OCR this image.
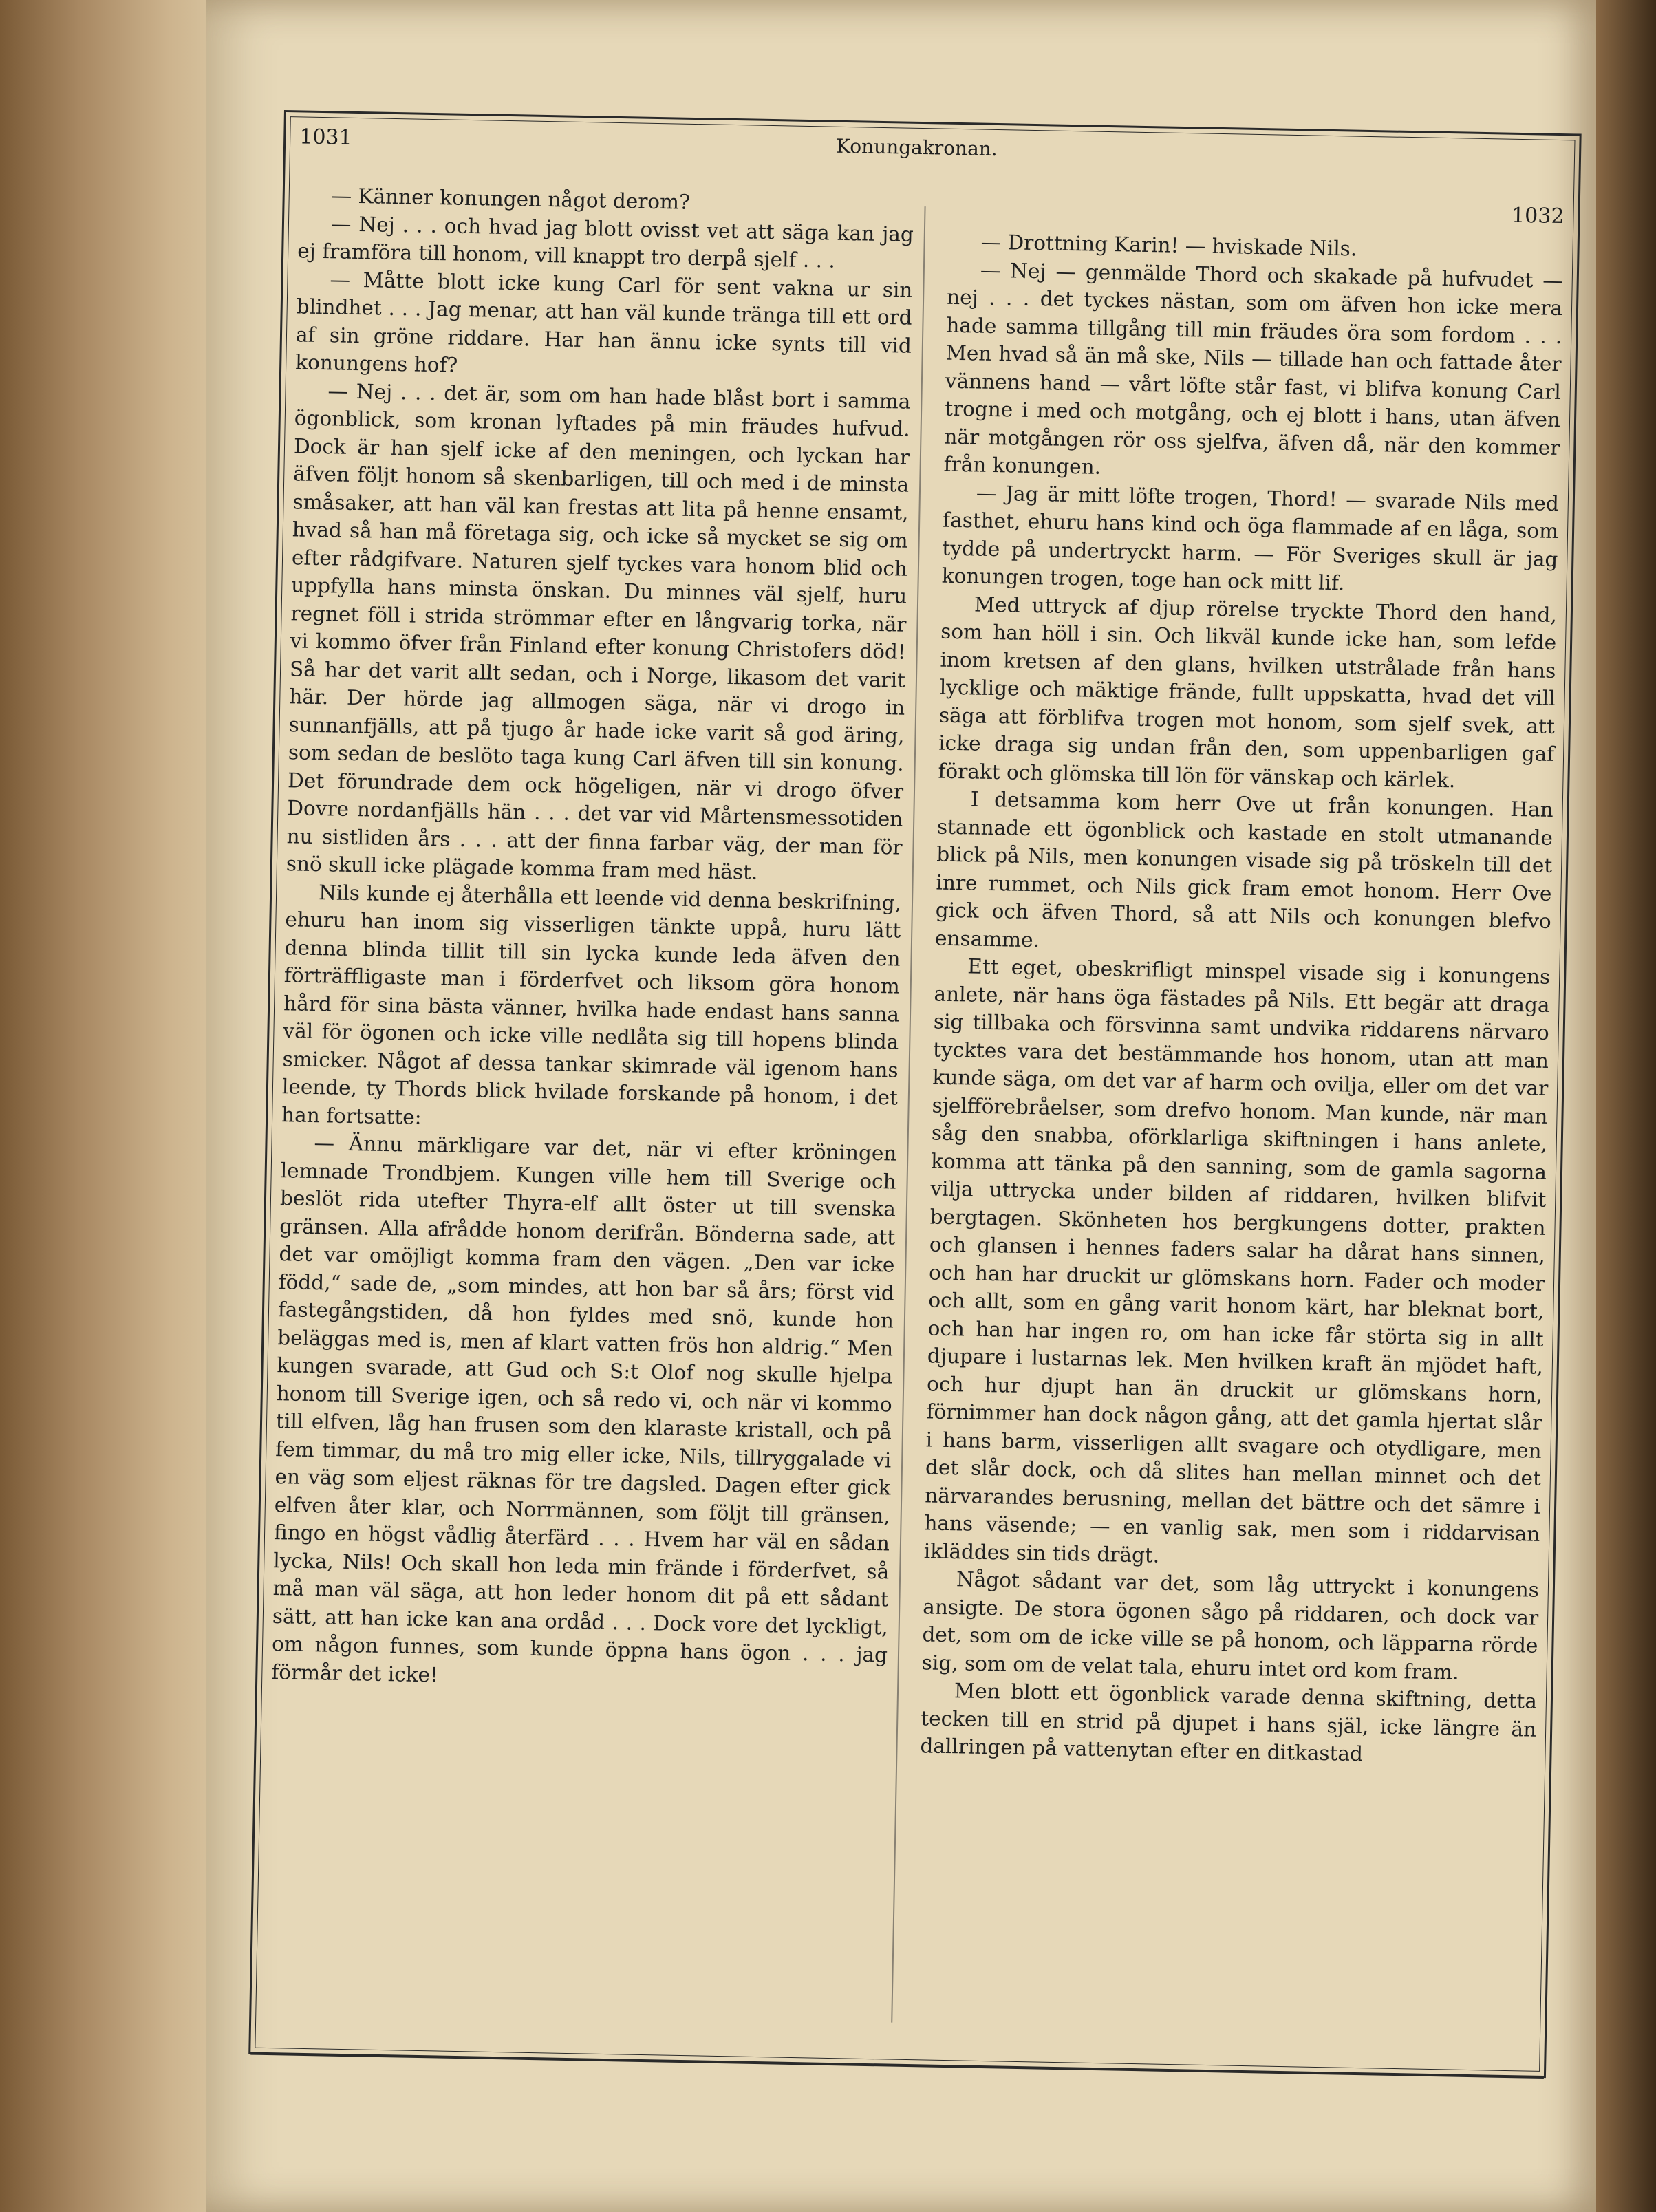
1031	Konungakronan.
1032

— Känner konungen något derom?

— Nej . . . och hvad jag blott ovisst vet att säga kan jag ej framföra till honom, vill knappt tro derpå sjelf . . .

— Måtte blott icke kung Carl för sent vakna ur sin blindhet . . . Jag menar, att han väl kunde tränga till ett ord af sin gröne riddare. Har han ännu icke synts till vid konungens hof?

— Nej . . . det är, som om han hade blåst bort i samma ögonblick, som kronan lyftades på min fräudes hufvud. Dock är han sjelf icke af den meningen, och lyckan har äfven följt honom så skenbarligen, till och med i de minsta småsaker, att han väl kan frestas att lita på henne ensamt, hvad så han må företaga sig, och icke så mycket se sig om efter rådgifvare. Naturen sjelf tyckes vara honom blid och uppfylla hans minsta önskan. Du minnes väl sjelf, huru regnet föll i strida strömmar efter en långvarig torka, när vi kommo öfver från Finland efter konung Christofers död! Så har det varit allt sedan, och i Norge, likasom det varit här. Der hörde jag allmogen säga, när vi drogo in sunnanfjälls, att på tjugo år hade icke varit så god äring, som sedan de beslöto taga kung Carl äfven till sin konung. Det förundrade dem ock högeligen, när vi drogo öfver Dovre nordanfjälls hän . . . det var vid Mårtensmessotiden nu sistliden års . . . att der finna farbar väg, der man för snö skull icke plägade komma fram med häst.

Nils kunde ej återhålla ett leende vid denna beskrifning, ehuru han inom sig visserligen tänkte uppå, huru lätt denna blinda tillit till sin lycka kunde leda äfven den förträffligaste man i förderfvet och liksom göra honom hård för sina bästa vänner, hvilka hade endast hans sanna väl för ögonen och icke ville nedlåta sig till hopens blinda smicker. Något af dessa tankar skimrade väl igenom hans leende, ty Thords blick hvilade forskande på honom, i det han fortsatte:

— Ännu märkligare var det, när vi efter kröningen lemnade Trondbjem. Kungen ville hem till Sverige och beslöt rida utefter Thyra-elf allt öster ut till svenska gränsen. Alla afrådde honom derifrån. Bönderna sade, att det var omöjligt komma fram den vägen. „Den var icke född,“ sade de, „som mindes, att hon bar så års; först vid fastegångstiden, då hon fyldes med snö, kunde hon beläggas med is, men af klart vatten frös hon aldrig.“ Men kungen svarade, att Gud och S:t Olof nog skulle hjelpa honom till Sverige igen, och så redo vi, och när vi kommo till elfven, låg han frusen som den klaraste kristall, och på fem timmar, du må tro mig eller icke, Nils, tillryggalade vi en väg som eljest räknas för tre dagsled. Dagen efter gick elfven åter klar, och Norrmännen, som följt till gränsen, fingo en högst vådlig återfärd . . . Hvem har väl en sådan lycka, Nils! Och skall hon leda min frände i förderfvet, så må man väl säga, att hon leder honom dit på ett sådant sätt, att han icke kan ana ordåd . . . Dock vore det lyckligt, om någon funnes, som kunde öppna hans ögon . . . jag förmår det icke!

— Drottning Karin! — hviskade Nils.

— Nej — genmälde Thord och skakade på hufvudet — nej . . . det tyckes nästan, som om äfven hon icke mera hade samma tillgång till min fräudes öra som fordom . . . Men hvad så än må ske, Nils — tillade han och fattade åter vännens hand — vårt löfte står fast, vi blifva konung Carl trogne i med och motgång, och ej blott i hans, utan äfven när motgången rör oss sjelfva, äfven då, när den kommer från konungen.

— Jag är mitt löfte trogen, Thord! — svarade Nils med fasthet, ehuru hans kind och öga flammade af en låga, som tydde på undertryckt harm. — För Sveriges skull är jag konungen trogen, toge han ock mitt lif.

Med uttryck af djup rörelse tryckte Thord den hand, som han höll i sin. Och likväl kunde icke han, som lefde inom kretsen af den glans, hvilken utstrålade från hans lycklige och mäktige frände, fullt uppskatta, hvad det vill säga att förblifva trogen mot honom, som sjelf svek, att icke draga sig undan från den, som uppenbarligen gaf förakt och glömska till lön för vänskap och kärlek.

I detsamma kom herr Ove ut från konungen. Han stannade ett ögonblick och kastade en stolt utmanande blick på Nils, men konungen visade sig på tröskeln till det inre rummet, och Nils gick fram emot honom. Herr Ove gick och äfven Thord, så att Nils och konungen blefvo ensamme.

Ett eget, obeskrifligt minspel visade sig i konungens anlete, när hans öga fästades på Nils. Ett begär att draga sig tillbaka och försvinna samt undvika riddarens närvaro tycktes vara det bestämmande hos honom, utan att man kunde säga, om det var af harm och ovilja, eller om det var sjelfförebråelser, som drefvo honom. Man kunde, när man såg den snabba, oförklarliga skiftningen i hans anlete, komma att tänka på den sanning, som de gamla sagorna vilja uttrycka under bilden af riddaren, hvilken blifvit bergtagen. Skönheten hos bergkungens dotter, prakten och glansen i hennes faders salar ha dårat hans sinnen, och han har druckit ur glömskans horn. Fader och moder och allt, som en gång varit honom kärt, har bleknat bort, och han har ingen ro, om han icke får störta sig in allt djupare i lustarnas lek. Men hvilken kraft än mjödet haft, och hur djupt han än druckit ur glömskans horn, förnimmer han dock någon gång, att det gamla hjertat slår i hans barm, visserligen allt svagare och otydligare, men det slår dock, och då slites han mellan minnet och det närvarandes berusning, mellan det bättre och det sämre i hans väsende; — en vanlig sak, men som i riddarvisan ikläddes sin tids drägt.

Något sådant var det, som låg uttryckt i konungens ansigte. De stora ögonen sågo på riddaren, och dock var det, som om de icke ville se på honom, och läpparna rörde sig, som om de velat tala, ehuru intet ord kom fram.

Men blott ett ögonblick varade denna skiftning, detta tecken till en strid på djupet i hans själ, icke längre än dallringen på vattenytan efter en ditkastad
